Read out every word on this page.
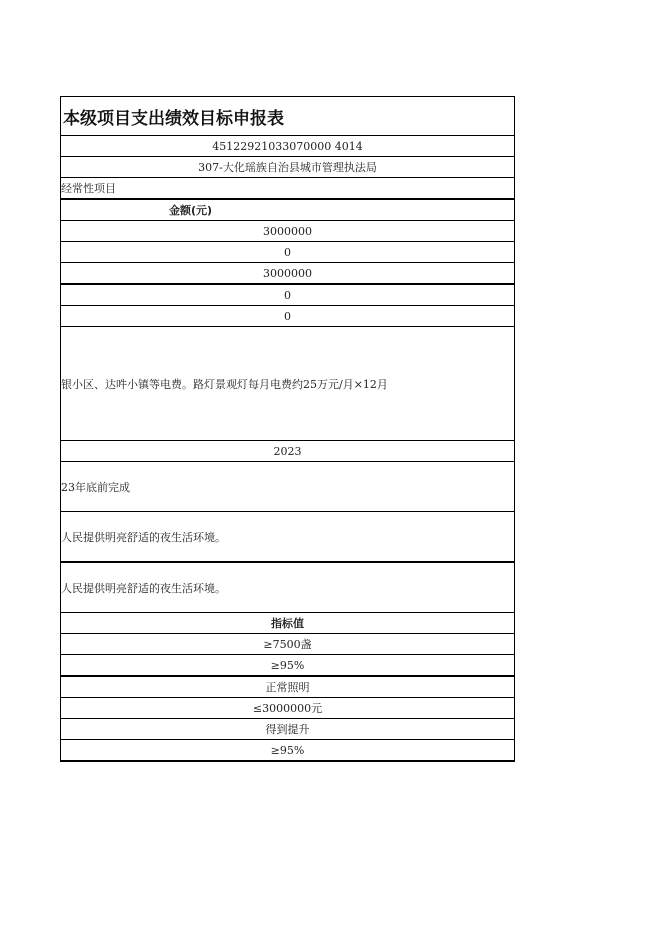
本级项目支出绩效目标申报表
45122921033070000 4014
307-大化瑶族自治县城市管理执法局
经常性项目
金额(元)
3000000
0
3000000
0
0
银小区、达吽小镇等电费。路灯景观灯每月电费约25万元/月×12月
2023
23年底前完成
人民提供明亮舒适的夜生活环境。
人民提供明亮舒适的夜生活环境。
指标值
≥7500盏
≥95%
正常照明
≤3000000元
得到提升
≥95%
